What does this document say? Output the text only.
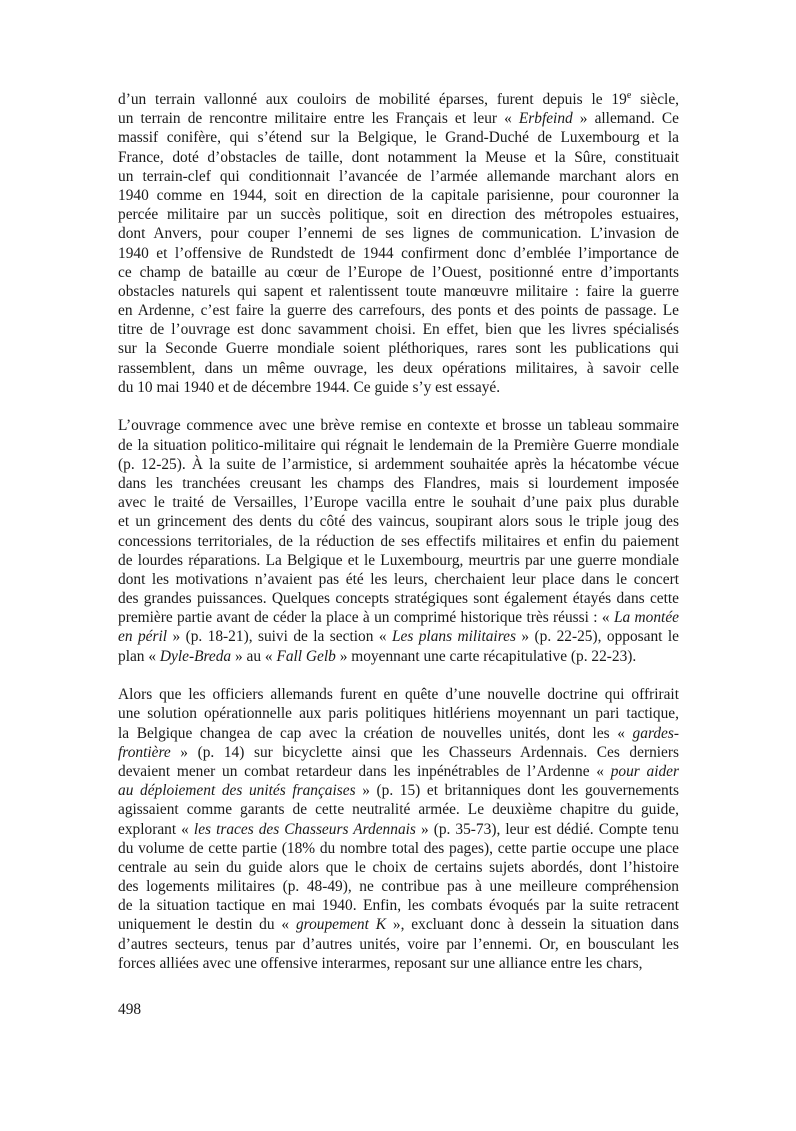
d’un terrain vallonné aux couloirs de mobilité éparses, furent depuis le 19e siècle,
un terrain de rencontre militaire entre les Français et leur « Erbfeind » allemand. Ce
massif conifère, qui s’étend sur la Belgique, le Grand-Duché de Luxembourg et la
France, doté d’obstacles de taille, dont notamment la Meuse et la Sûre, constituait
un terrain-clef qui conditionnait l’avancée de l’armée allemande marchant alors en
1940 comme en 1944, soit en direction de la capitale parisienne, pour couronner la
percée militaire par un succès politique, soit en direction des métropoles estuaires,
dont Anvers, pour couper l’ennemi de ses lignes de communication. L’invasion de
1940 et l’offensive de Rundstedt de 1944 confirment donc d’emblée l’importance de
ce champ de bataille au cœur de l’Europe de l’Ouest, positionné entre d’importants
obstacles naturels qui sapent et ralentissent toute manœuvre militaire : faire la guerre
en Ardenne, c’est faire la guerre des carrefours, des ponts et des points de passage. Le
titre de l’ouvrage est donc savamment choisi. En effet, bien que les livres spécialisés
sur la Seconde Guerre mondiale soient pléthoriques, rares sont les publications qui
rassemblent, dans un même ouvrage, les deux opérations militaires, à savoir celle
du 10 mai 1940 et de décembre 1944. Ce guide s’y est essayé.
L’ouvrage commence avec une brève remise en contexte et brosse un tableau sommaire
de la situation politico-militaire qui régnait le lendemain de la Première Guerre mondiale
(p. 12-25). À la suite de l’armistice, si ardemment souhaitée après la hécatombe vécue
dans les tranchées creusant les champs des Flandres, mais si lourdement imposée
avec le traité de Versailles, l’Europe vacilla entre le souhait d’une paix plus durable
et un grincement des dents du côté des vaincus, soupirant alors sous le triple joug des
concessions territoriales, de la réduction de ses effectifs militaires et enfin du paiement
de lourdes réparations. La Belgique et le Luxembourg, meurtris par une guerre mondiale
dont les motivations n’avaient pas été les leurs, cherchaient leur place dans le concert
des grandes puissances. Quelques concepts stratégiques sont également étayés dans cette
première partie avant de céder la place à un comprimé historique très réussi : « La montée
en péril » (p. 18-21), suivi de la section « Les plans militaires » (p. 22-25), opposant le
plan « Dyle-Breda » au « Fall Gelb » moyennant une carte récapitulative (p. 22-23).
Alors que les officiers allemands furent en quête d’une nouvelle doctrine qui offrirait
une solution opérationnelle aux paris politiques hitlériens moyennant un pari tactique,
la Belgique changea de cap avec la création de nouvelles unités, dont les « gardes-
frontière » (p. 14) sur bicyclette ainsi que les Chasseurs Ardennais. Ces derniers
devaient mener un combat retardeur dans les inpénétrables de l’Ardenne « pour aider
au déploiement des unités françaises » (p. 15) et britanniques dont les gouvernements
agissaient comme garants de cette neutralité armée. Le deuxième chapitre du guide,
explorant « les traces des Chasseurs Ardennais » (p. 35-73), leur est dédié. Compte tenu
du volume de cette partie (18% du nombre total des pages), cette partie occupe une place
centrale au sein du guide alors que le choix de certains sujets abordés, dont l’histoire
des logements militaires (p. 48-49), ne contribue pas à une meilleure compréhension
de la situation tactique en mai 1940. Enfin, les combats évoqués par la suite retracent
uniquement le destin du « groupement K », excluant donc à dessein la situation dans
d’autres secteurs, tenus par d’autres unités, voire par l’ennemi. Or, en bousculant les
forces alliées avec une offensive interarmes, reposant sur une alliance entre les chars,
498
